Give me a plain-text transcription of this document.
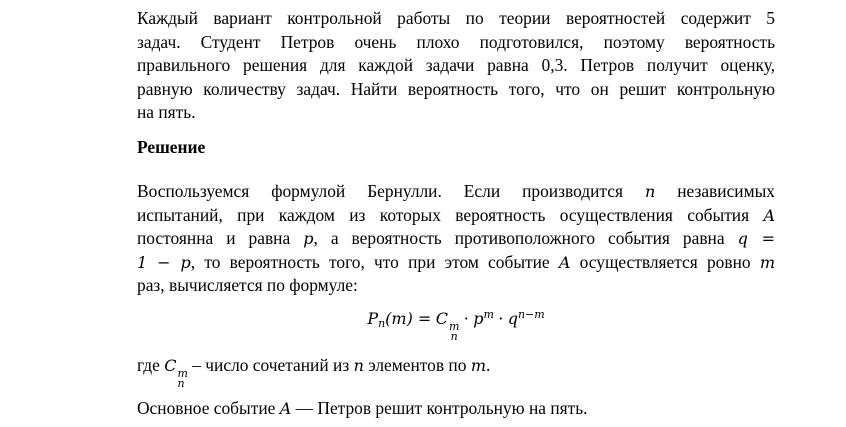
Каждый вариант контрольной работы по теории вероятностей содержит 5
задач. Студент Петров очень плохо подготовился, поэтому вероятность
правильного решения для каждой задачи равна 0,3. Петров получит оценку,
равную количеству задач. Найти вероятность того, что он решит контрольную
на пять.
Решение
Воспользуемся формулой Бернулли. Если производится n независимых
испытаний, при каждом из которых вероятность осуществления события A
постоянна и равна p, а вероятность противоположного события равна q =
1 − p, то вероятность того, что при этом событие A осуществляется ровно m
раз, вычисляется по формуле:
$P_n(m) = C$ m
n
· $p^m \cdot q^{n-m}$
где C m
n
– число сочетаний из n элементов по m.
Основное событие A — Петров решит контрольную на пять.
